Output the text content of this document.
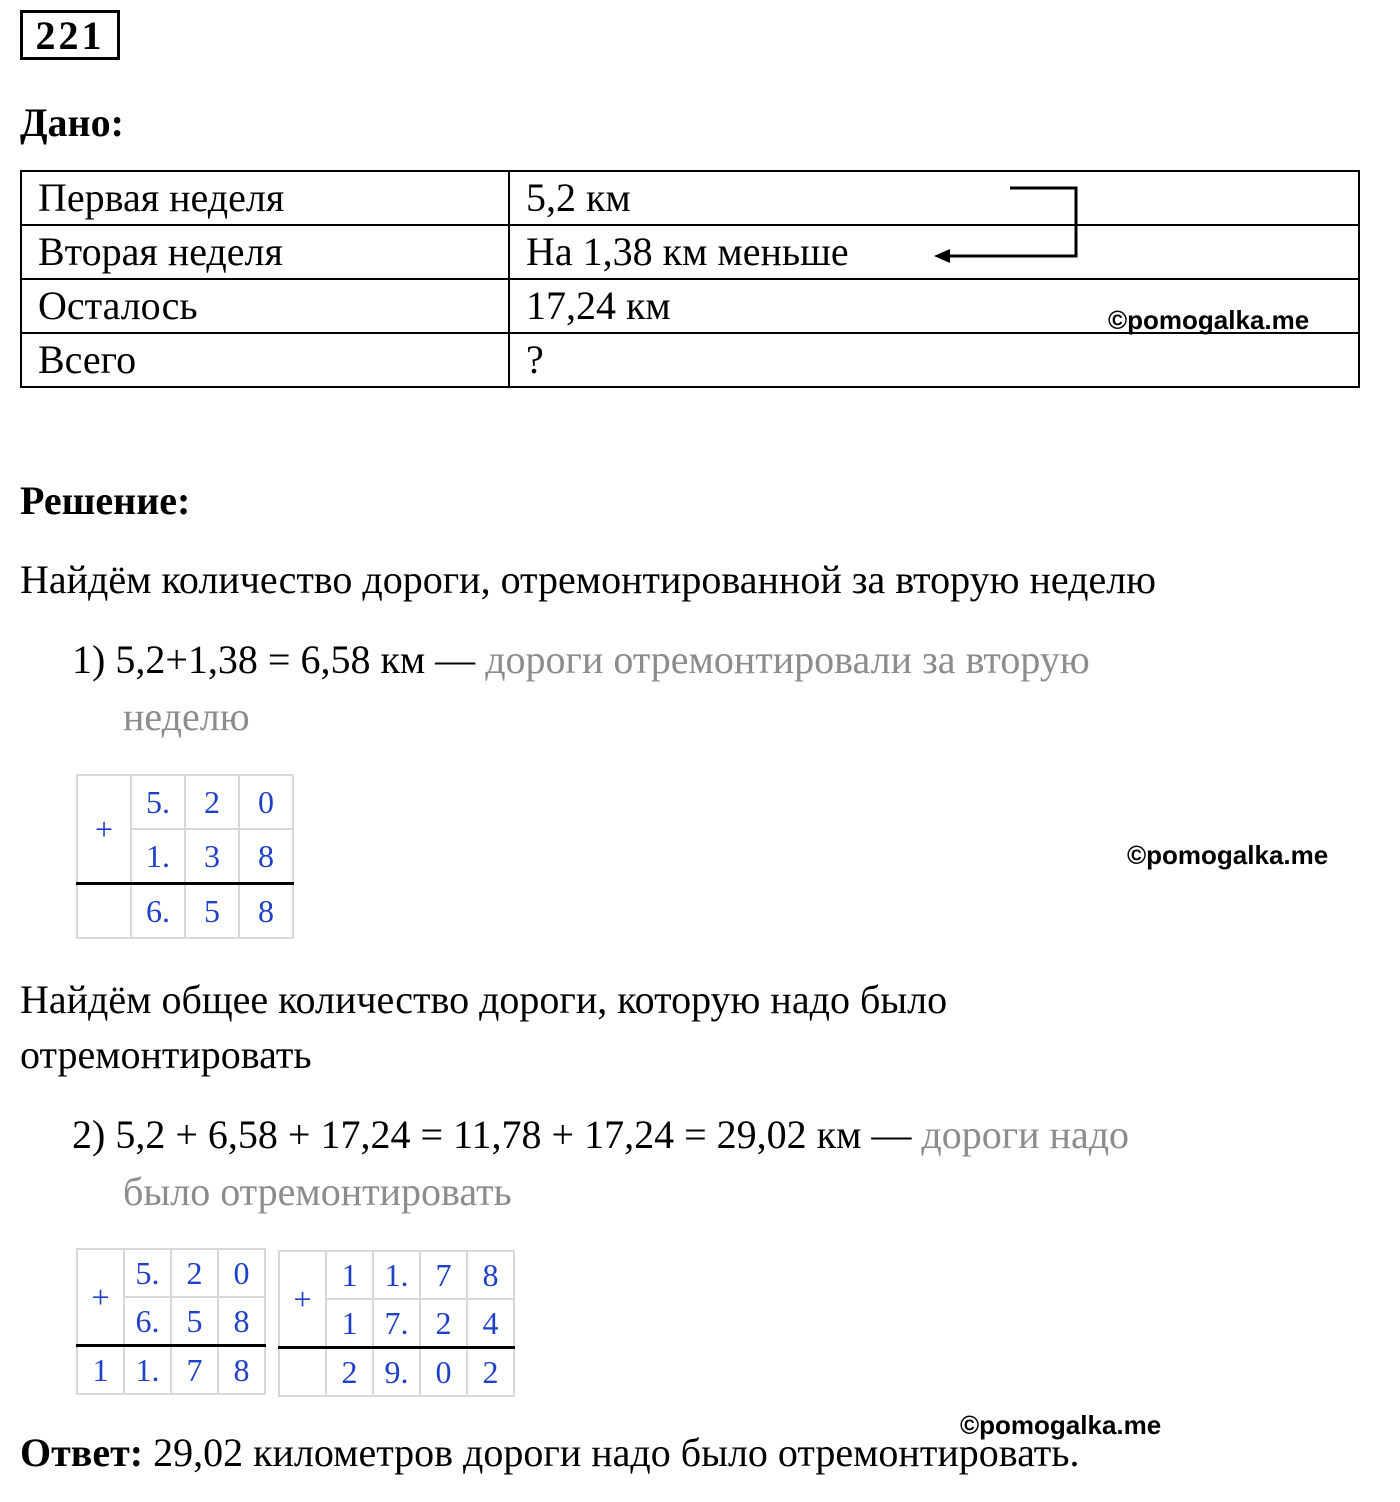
221
Дано:
Первая неделя	5,2 км
Вторая неделя	На 1,38 км меньше
Осталось	17,24 км
Всего	?
©pomogalka.me
Решение:
Найдём количество дороги, отремонтированной за вторую неделю
1) 5,2+1,38 = 6,58 км — дороги отремонтировали за вторую
неделю
+	5.	2	0
	1.	3	8
	6.	5	8
©pomogalka.me
Найдём общее количество дороги, которую надо было
отремонтировать
2) 5,2 + 6,58 + 17,24 = 11,78 + 17,24 = 29,02 км — дороги надо
было отремонтировать
+	5.	2	0
	6.	5	8
1	1.	7	8
+	1	1.	7	8
	1	7.	2	4
	2	9.	0	2
©pomogalka.me
Ответ: 29,02 километров дороги надо было отремонтировать.
